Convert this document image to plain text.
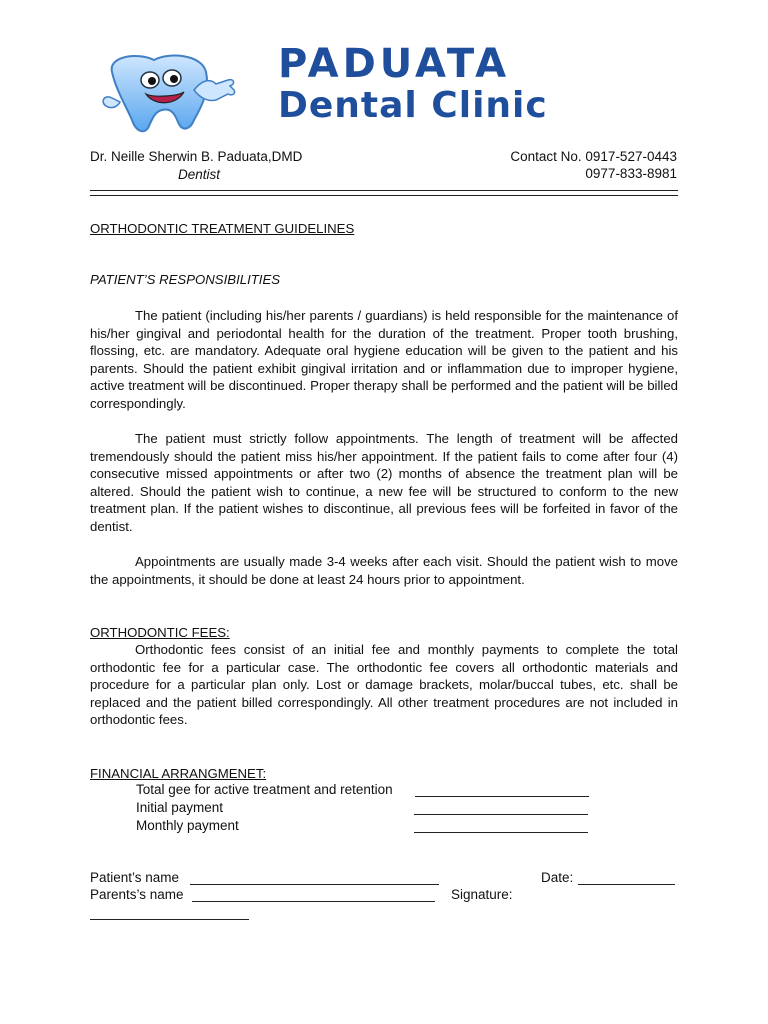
PADUATA
Dental Clinic
Dr. Neille Sherwin B. Paduata,DMD
Dentist
Contact No. 0917-527-0443
0977-833-8981
ORTHODONTIC TREATMENT GUIDELINES
PATIENT’S RESPONSIBILITIES
The patient (including his/her parents / guardians) is held responsible for the maintenance of his/her gingival and periodontal health for the duration of the treatment. Proper tooth brushing, flossing, etc. are mandatory. Adequate oral hygiene education will be given to the patient and his parents. Should the patient exhibit gingival irritation and or inflammation due to improper hygiene, active treatment will be discontinued. Proper therapy shall be performed and the patient will be billed correspondingly.
The patient must strictly follow appointments. The length of treatment will be affected tremendously should the patient miss his/her appointment. If the patient fails to come after four (4) consecutive missed appointments or after two (2) months of absence the treatment plan will be altered. Should the patient wish to continue, a new fee will be structured to conform to the new treatment plan. If the patient wishes to discontinue, all previous fees will be forfeited in favor of the dentist.
Appointments are usually made 3-4 weeks after each visit. Should the patient wish to move the appointments, it should be done at least 24 hours prior to appointment.
ORTHODONTIC FEES:
Orthodontic fees consist of an initial fee and monthly payments to complete the total orthodontic fee for a particular case. The orthodontic fee covers all orthodontic materials and procedure for a particular plan only. Lost or damage brackets, molar/buccal tubes, etc. shall be replaced and the patient billed correspondingly. All other treatment procedures are not included in orthodontic fees.
FINANCIAL ARRANGMENET:
Total gee for active treatment and retention
Initial payment
Monthly payment
Patient’s name	Date:
Parents’s name	Signature:
